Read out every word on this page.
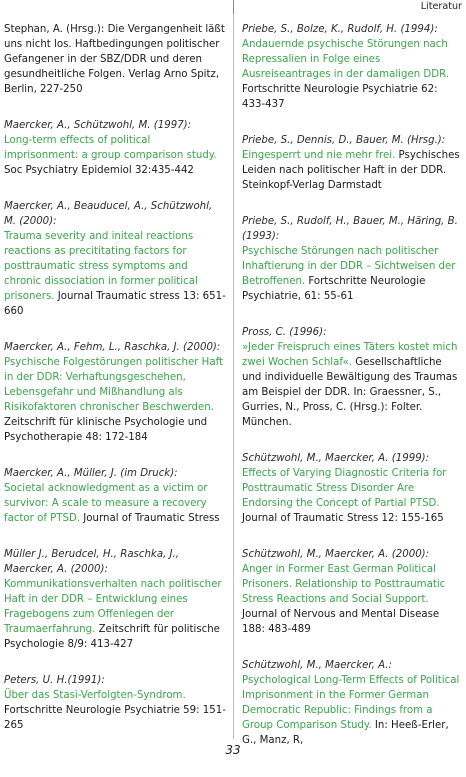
Literatur
Stephan, A. (Hrsg.): Die Vergangenheit läßt uns nicht los. Haftbedingungen politischer Gefangener in der SBZ/DDR und deren gesundheitliche Folgen. Verlag Arno Spitz, Berlin, 227-250
Maercker, A., Schützwohl, M. (1997):
Long-term effects of political imprisonment: a group comparison study. Soc Psychiatry Epidemiol 32:435-442
Maercker, A., Beauducel, A., Schützwohl, M. (2000):
Trauma severity and initeal reactions reactions as precititating factors for posttraumatic stress symptoms and chronic dissociation in former political prisoners. Journal Traumatic stress 13: 651-660
Maercker, A., Fehm, L., Raschka, J. (2000):
Psychische Folgestörungen politischer Haft in der DDR: Verhaftungsgeschehen, Lebensgefahr und Mißhandlung als Risikofaktoren chronischer Beschwerden. Zeitschrift für klinische Psychologie und Psychotherapie 48: 172-184
Maercker, A., Müller, J. (im Druck):
Societal acknowledgment as a victim or survivor: A scale to measure a recovery factor of PTSD. Journal of Traumatic Stress
Müller J., Berudcel, H., Raschka, J., Maercker, A. (2000):
Kommunikationsverhalten nach politischer Haft in der DDR – Entwicklung eines Fragebogens zum Offenlegen der Traumaerfahrung. Zeitschrift für politische Psychologie 8/9: 413-427
Peters, U. H.(1991):
Über das Stasi-Verfolgten-Syndrom. Fortschritte Neurologie Psychiatrie 59: 151-265
Priebe, S., Bolze, K., Rudolf, H. (1994):
Andauernde psychische Störungen nach Repressalien in Folge eines Ausreiseantrages in der damaligen DDR. Fortschritte Neurologie Psychiatrie 62: 433-437
Priebe, S., Dennis, D., Bauer, M. (Hrsg.):
Eingesperrt und nie mehr frei. Psychisches Leiden nach politischer Haft in der DDR. Steinkopf-Verlag Darmstadt
Priebe, S., Rudolf, H., Bauer, M., Häring, B. (1993):
Psychische Störungen nach politischer Inhaftierung in der DDR – Sichtweisen der Betroffenen. Fortschritte Neurologie Psychiatrie, 61: 55-61
Pross, C. (1996):
»Jeder Freispruch eines Täters kostet mich zwei Wochen Schlaf«. Gesellschaftliche und individuelle Bewältigung des Traumas am Beispiel der DDR. In: Graessner, S., Gurries, N., Pross, C. (Hrsg.): Folter. München.
Schützwohl, M., Maercker, A. (1999):
Effects of Varying Diagnostic Criteria for Posttraumatic Stress Disorder Are Endorsing the Concept of Partial PTSD. Journal of Traumatic Stress 12: 155-165
Schützwohl, M., Maercker, A. (2000):
Anger in Former East German Political Prisoners. Relationship to Posttraumatic Stress Reactions and Social Support. Journal of Nervous and Mental Disease 188: 483-489
Schützwohl, M., Maercker, A.:
Psychological Long-Term Effects of Political Imprisonment in the Former German Democratic Republic: Findings from a Group Comparison Study. In: Heeß-Erler, G., Manz, R,
33
